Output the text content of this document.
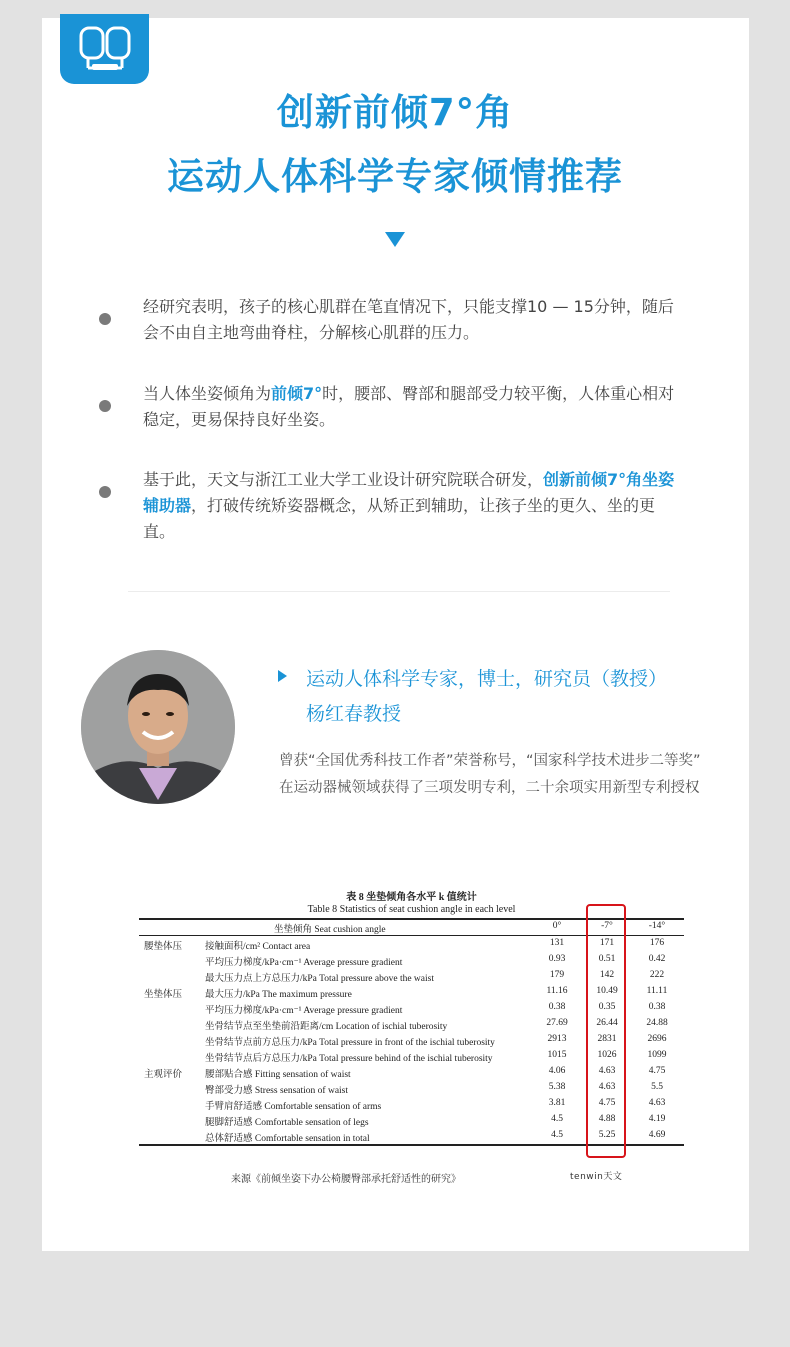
创新前倾7°角
运动人体科学专家倾情推荐
经研究表明，孩子的核心肌群在笔直情况下，只能支撑10 — 15分钟，随后会不由自主地弯曲脊柱，分解核心肌群的压力。
当人体坐姿倾角为前倾7°时，腰部、臀部和腿部受力较平衡，人体重心相对稳定，更易保持良好坐姿。
基于此，天文与浙江工业大学工业设计研究院联合研发，创新前倾7°角坐姿辅助器，打破传统矫姿器概念，从矫正到辅助，让孩子坐的更久、坐的更直。
运动人体科学专家，博士，研究员（教授）
杨红春教授
曾获“全国优秀科技工作者”荣誉称号，“国家科学技术进步二等奖”
在运动器械领域获得了三项发明专利，二十余项实用新型专利授权
表 8 坐垫倾角各水平 k 值统计
Table 8 Statistics of seat cushion angle in each level
坐垫倾角 Seat cushion angle	0°	-7°	-14°
腰垫体压 接触面积/cm² Contact area	131	171	176
平均压力梯度/kPa·cm⁻¹ Average pressure gradient	0.93	0.51	0.42
最大压力点上方总压力/kPa Total pressure above the waist	179	142	222
坐垫体压 最大压力/kPa The maximum pressure	11.16	10.49	11.11
平均压力梯度/kPa·cm⁻¹ Average pressure gradient	0.38	0.35	0.38
坐骨结节点至坐垫前沿距离/cm Location of ischial tuberosity	27.69	26.44	24.88
坐骨结节点前方总压力/kPa Total pressure in front of the ischial tuberosity	2913	2831	2696
坐骨结节点后方总压力/kPa Total pressure behind of the ischial tuberosity	1015	1026	1099
主观评价 腰部贴合感 Fitting sensation of waist	4.06	4.63	4.75
臀部受力感 Stress sensation of waist	5.38	4.63	5.5
手臂肩舒适感 Comfortable sensation of arms	3.81	4.75	4.63
腿脚舒适感 Comfortable sensation of legs	4.5	4.88	4.19
总体舒适感 Comfortable sensation in total	4.5	5.25	4.69
来源《前倾坐姿下办公椅腰臀部承托舒适性的研究》	tenwin天文
